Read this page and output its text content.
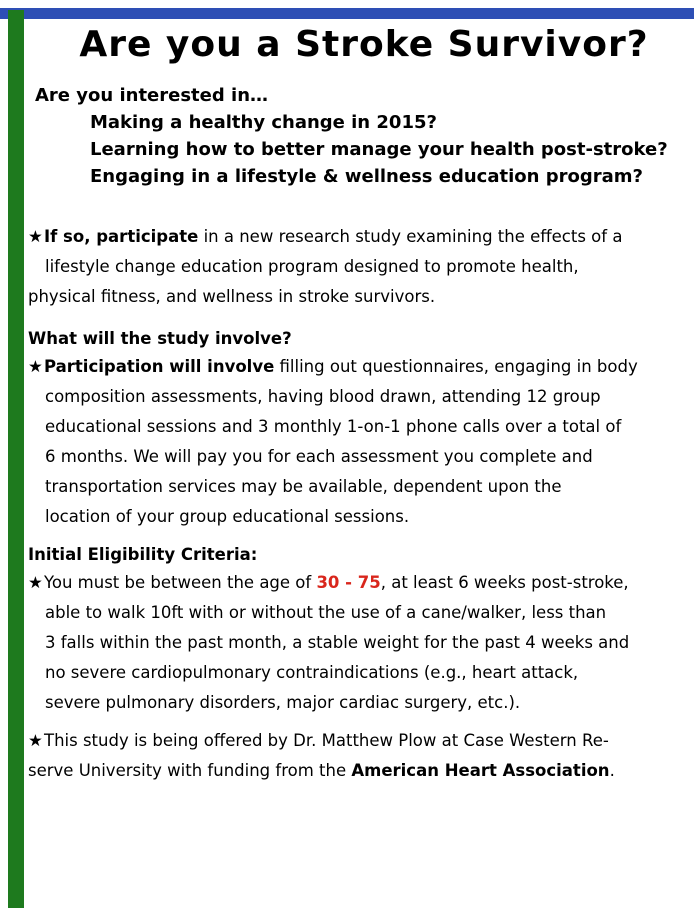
Are you a Stroke Survivor?
Are you interested in…
Making a healthy change in 2015?
Learning how to better manage your health post-stroke?
Engaging in a lifestyle & wellness education program?

★If so, participate in a new research study examining the effects of a

lifestyle change education program designed to promote health,

physical fitness, and wellness in stroke survivors.

What will the study involve?

★Participation will involve filling out questionnaires, engaging in body

composition assessments, having blood drawn, attending 12 group

educational sessions and 3 monthly 1-on-1 phone calls over a total of

6 months. We will pay you for each assessment you complete and

transportation services may be available, dependent upon the

location of your group educational sessions.

Initial Eligibility Criteria:

★You must be between the age of 30 - 75, at least 6 weeks post-stroke,

able to walk 10ft with or without the use of a cane/walker, less than

3 falls within the past month, a stable weight for the past 4 weeks and

no severe cardiopulmonary contraindications (e.g., heart attack,

severe pulmonary disorders, major cardiac surgery, etc.).

★This study is being offered by Dr. Matthew Plow at Case Western Re-

serve University with funding from the American Heart Association.
